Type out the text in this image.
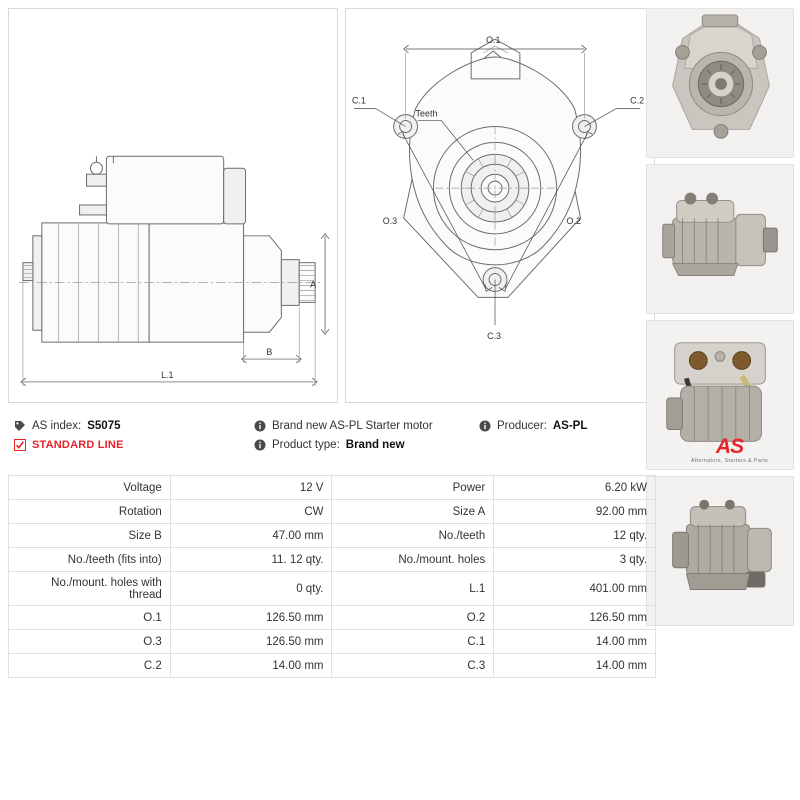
A
B
L.1
O.1
O.2
O.3
C.1	C.2
C.3
Teeth
AS index: S5075	Brand new AS-PL Starter motor	Producer: AS-PL
STANDARD LINE	Product type: Brand new	AS
Alternators, Starters & Parts
Voltage	12 V	Power	6.20 kW
Rotation	CW	Size A	92.00 mm
Size B	47.00 mm	No./teeth	12 qty.
No./teeth (fits into)	11. 12 qty.	No./mount. holes	3 qty.
No./mount. holes with thread	0 qty.	L.1	401.00 mm
O.1	126.50 mm	O.2	126.50 mm
O.3	126.50 mm	C.1	14.00 mm
C.2	14.00 mm	C.3	14.00 mm
